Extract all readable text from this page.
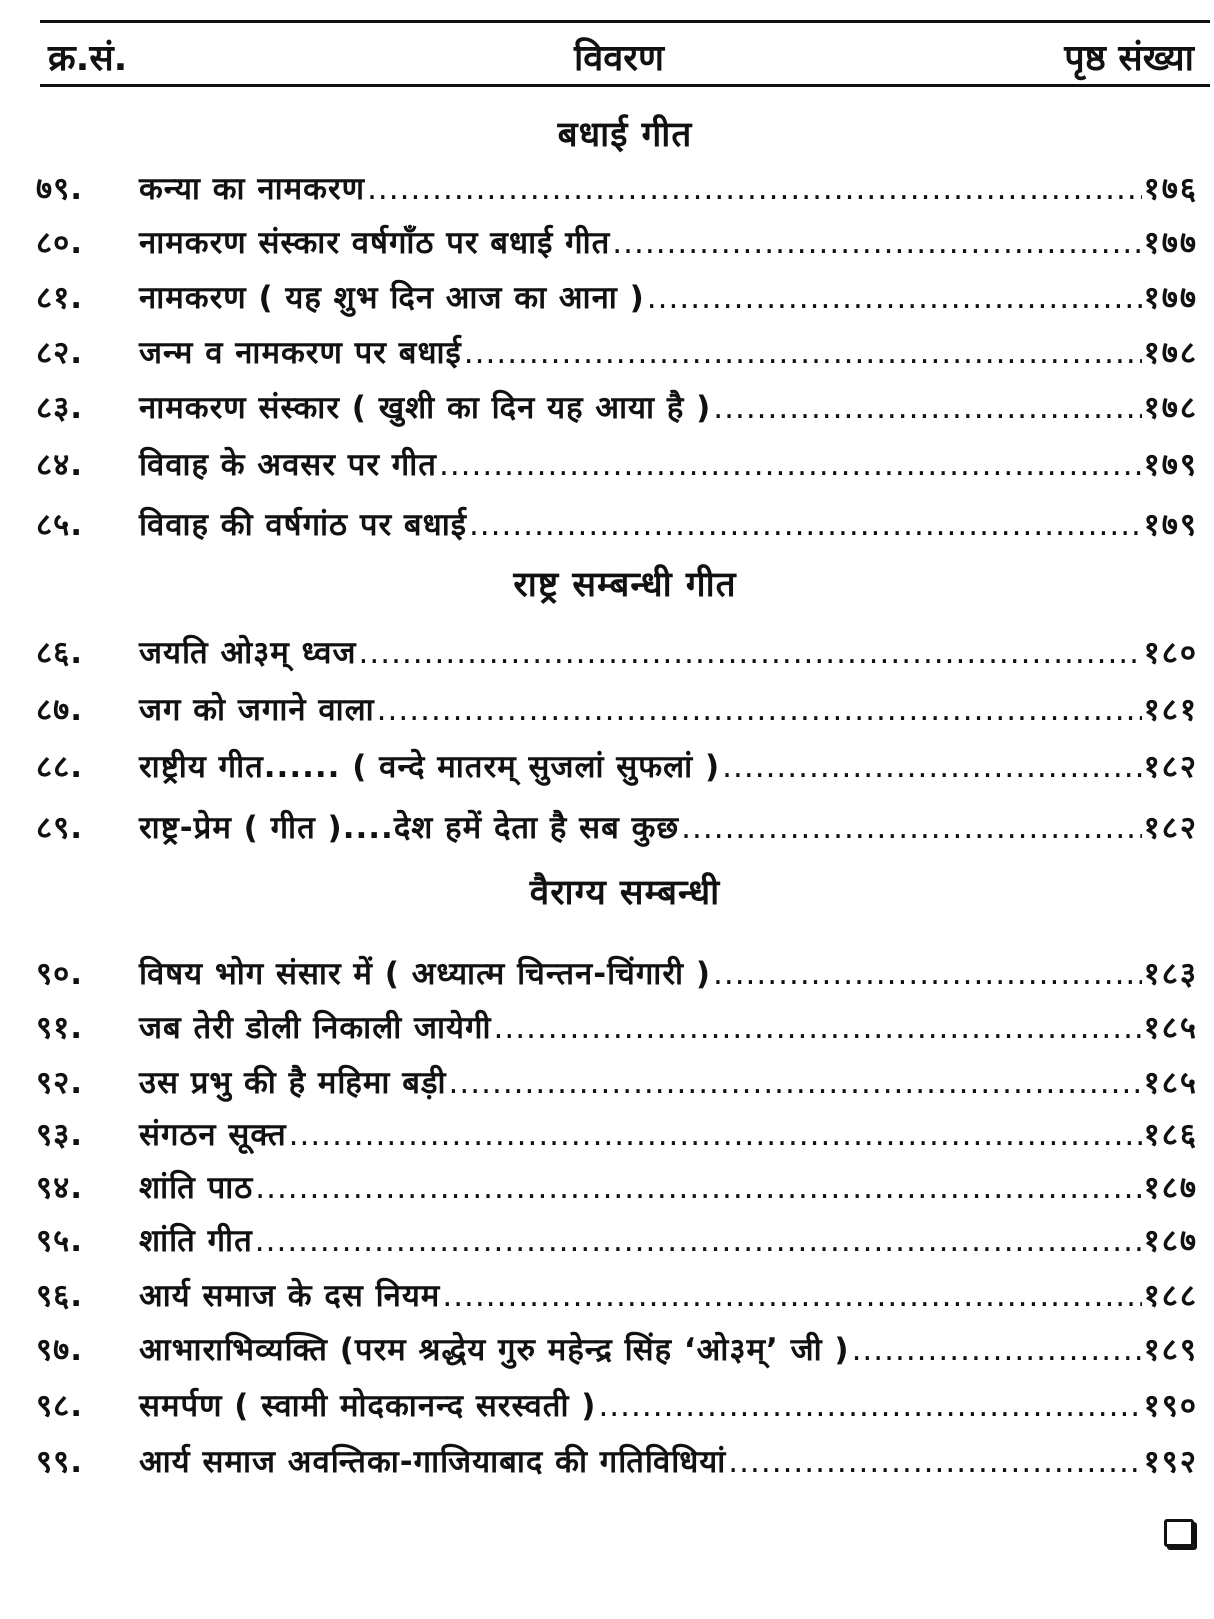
क्र.सं.	विवरण	पृष्ठ संख्या
बधाई गीत
७९.	कन्या का नामकरण .....	१७६
८०.	नामकरण संस्कार वर्षगाँठ पर बधाई गीत .....	१७७
८१.	नामकरण ( यह शुभ दिन आज का आना ) .....	१७७
८२.	जन्म व नामकरण पर बधाई .....	१७८
८३.	नामकरण संस्कार ( खुशी का दिन यह आया है ) .....	१७८
८४.	विवाह के अवसर पर गीत .....	१७९
८५.	विवाह की वर्षगांठ पर बधाई .....	१७९
राष्ट्र सम्बन्धी गीत
८६.	जयति ओ३म् ध्वज .....	१८०
८७.	जग को जगाने वाला .....	१८१
८८.	राष्ट्रीय गीत...... ( वन्दे मातरम् सुजलां सुफलां ) .....	१८२
८९.	राष्ट्र-प्रेम ( गीत )....देश हमें देता है सब कुछ .....	१८२
वैराग्य सम्बन्धी
९०.	विषय भोग संसार में ( अध्यात्म चिन्तन-चिंगारी ) .....	१८३
९१.	जब तेरी डोली निकाली जायेगी .....	१८५
९२.	उस प्रभु की है महिमा बड़ी .....	१८५
९३.	संगठन सूक्त .....	१८६
९४.	शांति पाठ .....	१८७
९५.	शांति गीत .....	१८७
९६.	आर्य समाज के दस नियम .....	१८८
९७.	आभाराभिव्यक्ति (परम श्रद्धेय गुरु महेन्द्र सिंह ‘ओ३म्’ जी ) .....	१८९
९८.	समर्पण ( स्वामी मोदकानन्द सरस्वती ) .....	१९०
९९.	आर्य समाज अवन्तिका-गाजियाबाद की गतिविधियां .....	१९२
